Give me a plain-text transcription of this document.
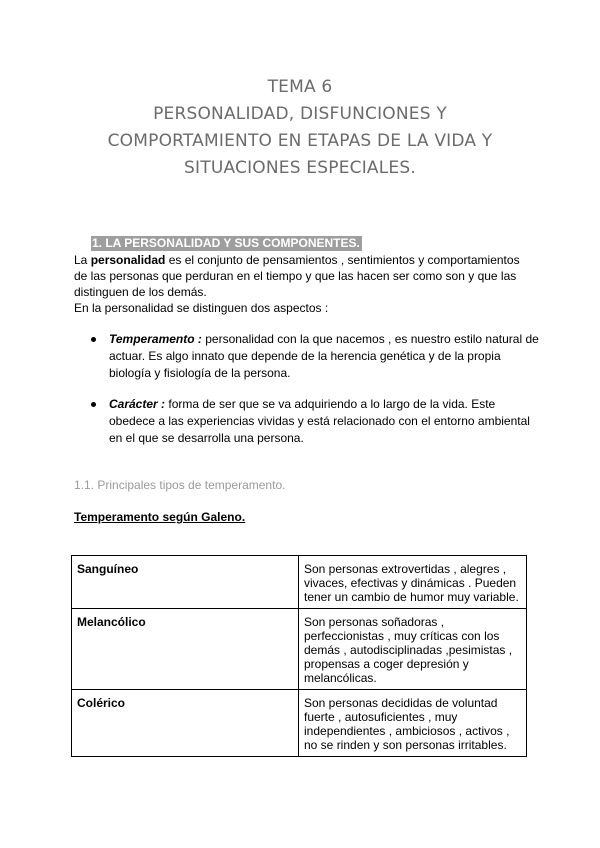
TEMA 6
PERSONALIDAD, DISFUNCIONES Y
COMPORTAMIENTO EN ETAPAS DE LA VIDA Y
SITUACIONES ESPECIALES.
1. LA PERSONALIDAD Y SUS COMPONENTES.
La personalidad es el conjunto de pensamientos , sentimientos y comportamientos de las personas que perduran en el tiempo y que las hacen ser como son y que las distinguen de los demás.
En la personalidad se distinguen dos aspectos :
Temperamento : personalidad con la que nacemos , es nuestro estilo natural de actuar. Es algo innato que depende de la herencia genética y de la propia biología y fisiología de la persona.
Carácter : forma de ser que se va adquiriendo a lo largo de la vida. Este obedece a las experiencias vividas y está relacionado con el entorno ambiental en el que se desarrolla una persona.
1.1. Principales tipos de temperamento.
Temperamento según Galeno.
Sanguíneo	Son personas extrovertidas , alegres , vivaces, efectivas y dinámicas . Pueden tener un cambio de humor muy variable.
Melancólico	Son personas soñadoras , perfeccionistas , muy críticas con los demás , autodisciplinadas ,pesimistas , propensas a coger depresión y melancólicas.
Colérico	Son personas decididas de voluntad fuerte , autosuficientes , muy independientes , ambiciosos , activos , no se rinden y son personas irritables.
